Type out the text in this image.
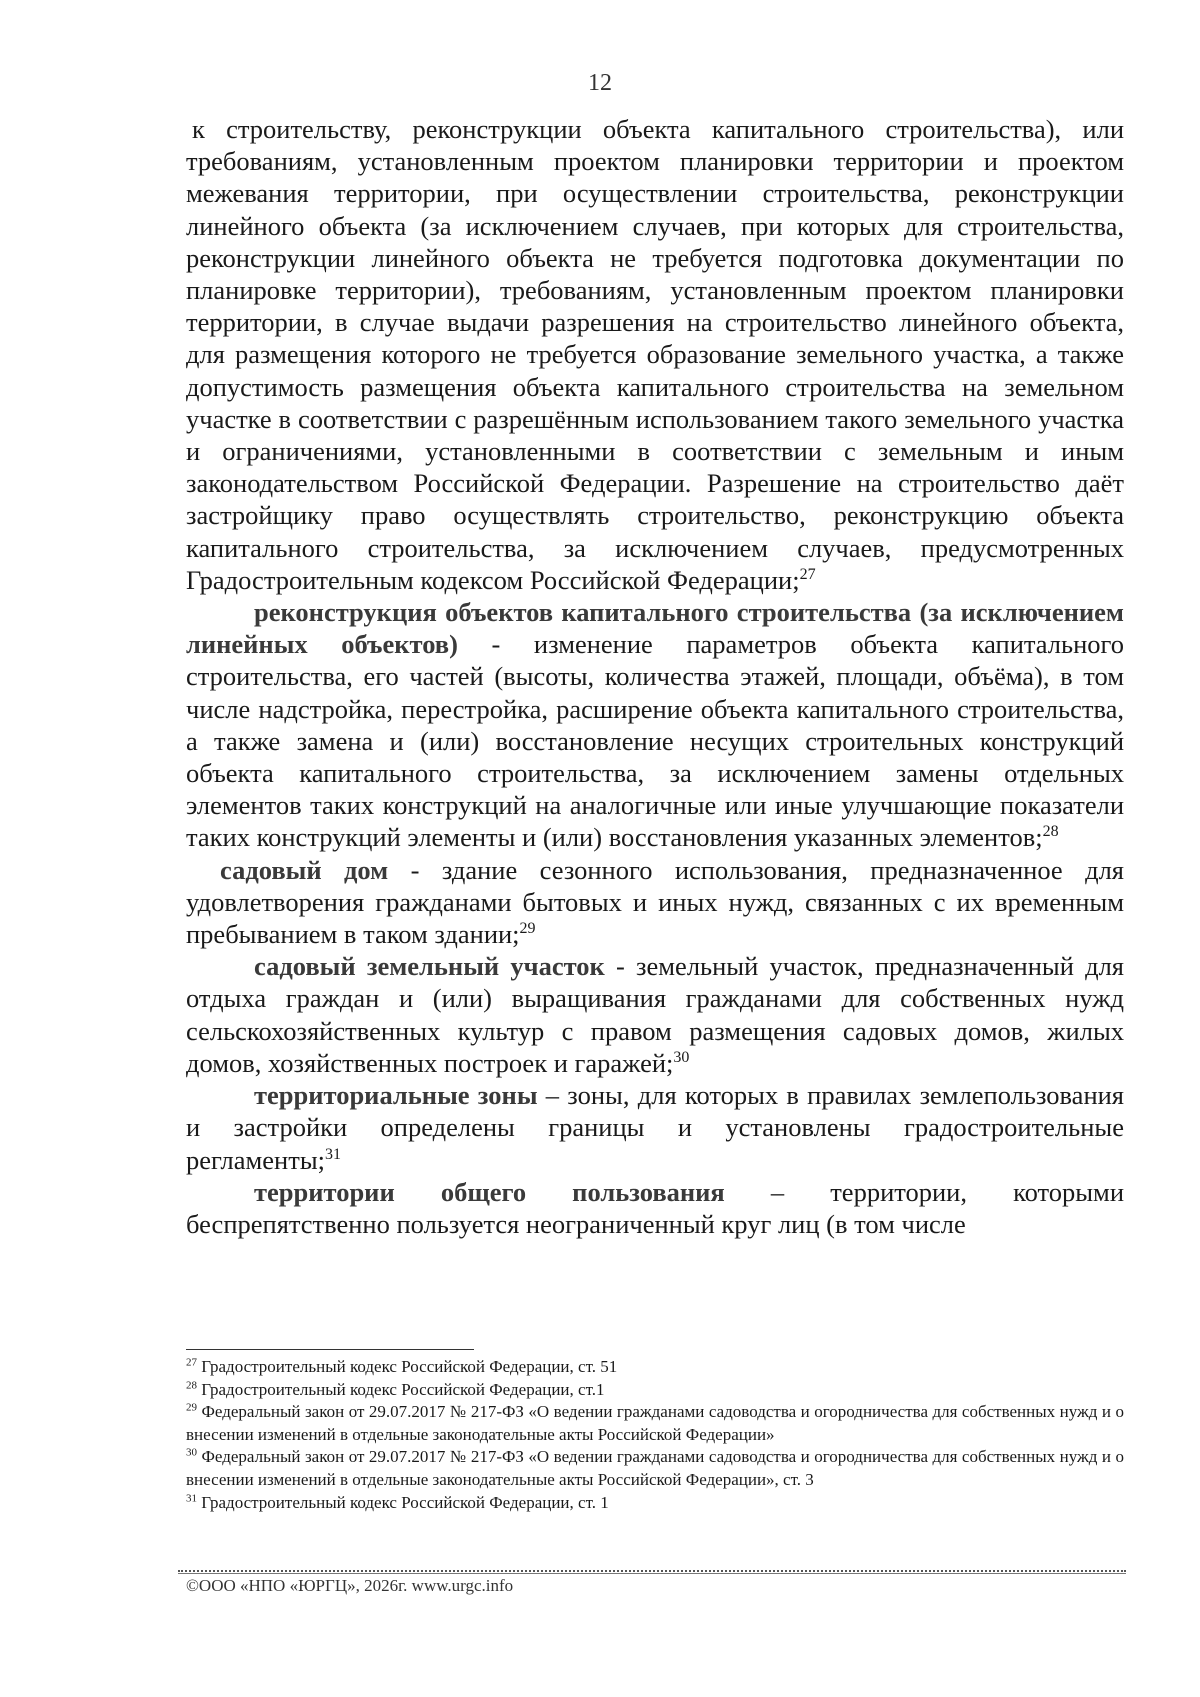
12

к строительству, реконструкции объекта капитального строительства), или требованиям, установленным проектом планировки территории и проектом межевания территории, при осуществлении строительства, реконструкции линейного объекта (за исключением случаев, при которых для строительства, реконструкции линейного объекта не требуется подготовка документации по планировке территории), требованиям, установленным проектом планировки территории, в случае выдачи разрешения на строительство линейного объекта, для размещения которого не требуется образование земельного участка, а также допустимость размещения объекта капитального строительства на земельном участке в соответствии с разрешённым использованием такого земельного участка и ограничениями, установленными в соответствии с земельным и иным законодательством Российской Федерации. Разрешение на строительство даёт застройщику право осуществлять строительство, реконструкцию объекта капитального строительства, за исключением случаев, предусмотренных Градостроительным кодексом Российской Федерации;$^{27}$

реконструкция объектов капитального строительства (за исключением линейных объектов) - изменение параметров объекта капитального строительства, его частей (высоты, количества этажей, площади, объёма), в том числе надстройка, перестройка, расширение объекта капитального строительства, а также замена и (или) восстановление несущих строительных конструкций объекта капитального строительства, за исключением замены отдельных элементов таких конструкций на аналогичные или иные улучшающие показатели таких конструкций элементы и (или) восстановления указанных элементов;$^{28}$

садовый дом - здание сезонного использования, предназначенное для удовлетворения гражданами бытовых и иных нужд, связанных с их временным пребыванием в таком здании;$^{29}$

садовый земельный участок - земельный участок, предназначенный для отдыха граждан и (или) выращивания гражданами для собственных нужд сельскохозяйственных культур с правом размещения садовых домов, жилых домов, хозяйственных построек и гаражей;$^{30}$

территориальные зоны – зоны, для которых в правилах землепользования и застройки определены границы и установлены градостроительные регламенты;$^{31}$

территории общего пользования – территории, которыми беспрепятственно пользуется неограниченный круг лиц (в том числе

$^{27}$ Градостроительный кодекс Российской Федерации, ст. 51

$^{28}$ Градостроительный кодекс Российской Федерации, ст.1

$^{29}$ Федеральный закон от 29.07.2017 № 217-ФЗ «О ведении гражданами садоводства и огородничества для собственных нужд и о внесении изменений в отдельные законодательные акты Российской Федерации»

$^{30}$ Федеральный закон от 29.07.2017 № 217-ФЗ «О ведении гражданами садоводства и огородничества для собственных нужд и о внесении изменений в отдельные законодательные акты Российской Федерации», ст. 3

$^{31}$ Градостроительный кодекс Российской Федерации, ст. 1

©ООО «НПО «ЮРГЦ», 2026г. www.urgc.info
